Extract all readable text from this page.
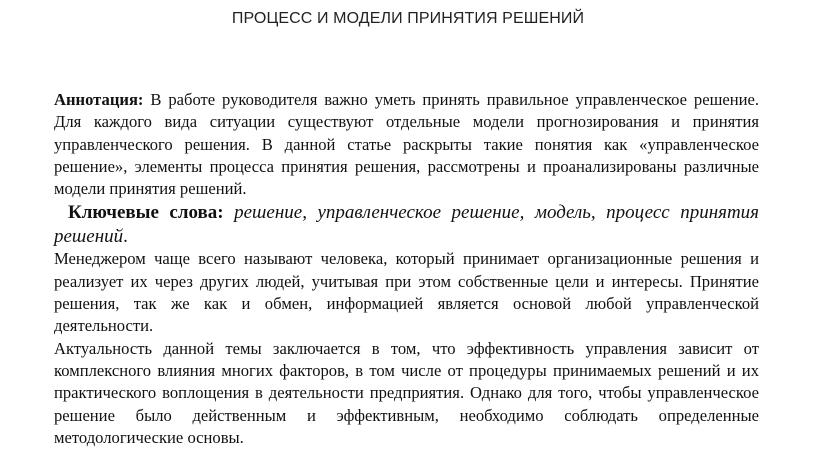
ПРОЦЕСС И МОДЕЛИ ПРИНЯТИЯ РЕШЕНИЙ

Аннотация: В работе руководителя важно уметь принять правильное управленческое решение. Для каждого вида ситуации существуют отдельные модели прогнозирования и принятия управленческого решения. В данной статье раскрыты такие понятия как «управленческое решение», элементы процесса принятия решения, рассмотрены и проанализированы различные модели принятия решений.

Ключевые слова: решение, управленческое решение, модель, процесс принятия решений.

Менеджером чаще всего называют человека, который принимает организационные решения и реализует их через других людей, учитывая при этом собственные цели и интересы. Принятие решения, так же как и обмен, информацией является основой любой управленческой деятельности.

Актуальность данной темы заключается в том, что эффективность управления зависит от комплексного влияния многих факторов, в том числе от процедуры принимаемых решений и их практического воплощения в деятельности предприятия. Однако для того, чтобы управленческое решение было действенным и эффективным, необходимо соблюдать определенные методологические основы.
